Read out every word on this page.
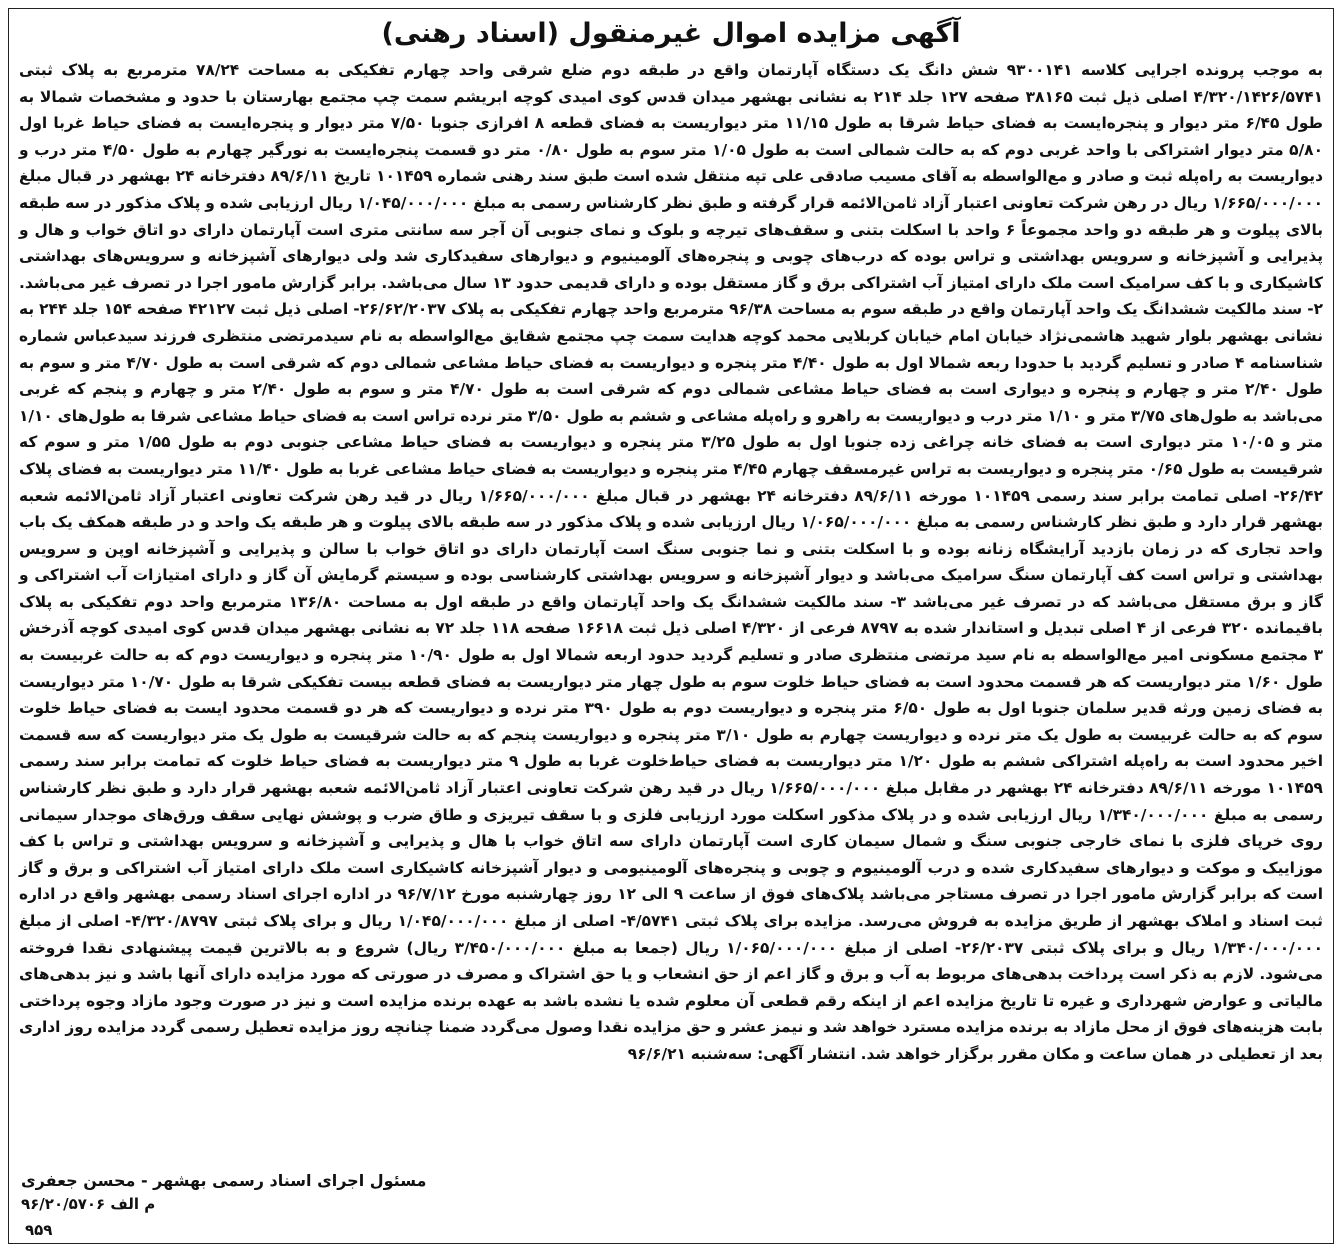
آگهی مزایده اموال غیرمنقول (اسناد رهنی)
به موجب پرونده اجرایی کلاسه ۹۳۰۰۱۴۱ شش دانگ یک دستگاه آپارتمان واقع در طبقه دوم ضلع شرقی واحد چهارم تفکیکی به مساحت ۷۸/۲۴ مترمربع به پلاک ثبتی ۴/۳۲۰/۱۴۲۶/۵۷۴۱ اصلی ذیل ثبت ۳۸۱۶۵ صفحه ۱۲۷ جلد ۲۱۴ به نشانی بهشهر میدان قدس کوی امیدی کوچه ابریشم سمت چپ مجتمع بهارستان با حدود و مشخصات شمالا به طول ۶/۴۵ متر دیوار و پنجره‌ایست به فضای حیاط شرقا به طول ۱۱/۱۵ متر دیواریست به فضای قطعه ۸ افرازی جنوبا ۷/۵۰ متر دیوار و پنجره‌ایست به فضای حیاط غربا اول ۵/۸۰ متر دیوار اشتراکی با واحد غربی دوم که به حالت شمالی است به طول ۱/۰۵ متر سوم به طول ۰/۸۰ متر دو قسمت پنجره‌ایست به نورگیر چهارم به طول ۴/۵۰ متر درب و دیواریست به راه‌پله ثبت و صادر و مع‌الواسطه به آقای مسیب صادقی علی تپه منتقل شده است طبق سند رهنی شماره ۱۰۱۴۵۹ تاریخ ۸۹/۶/۱۱ دفترخانه ۲۴ بهشهر در قبال مبلغ ۱/۶۶۵/۰۰۰/۰۰۰ ریال در رهن شرکت تعاونی اعتبار آزاد ثامن‌الائمه قرار گرفته و طبق نظر کارشناس رسمی به مبلغ ۱/۰۴۵/۰۰۰/۰۰۰ ریال ارزیابی شده و پلاک مذکور در سه طبقه بالای پیلوت و هر طبقه دو واحد مجموعاً ۶ واحد با اسکلت بتنی و سقف‌های تیرچه و بلوک و نمای جنوبی آن آجر سه سانتی متری است آپارتمان دارای دو اتاق خواب و هال و پذیرایی و آشپزخانه و سرویس بهداشتی و تراس بوده که درب‌های چوبی و پنجره‌های آلومینیوم و دیوارهای سفیدکاری شد ولی دیوارهای آشپزخانه و سرویس‌های بهداشتی کاشیکاری و با کف سرامیک است ملک دارای امتیاز آب اشتراکی برق و گاز مستقل بوده و دارای قدیمی حدود ۱۳ سال می‌باشد. برابر گزارش مامور اجرا در تصرف غیر می‌باشد. ۲- سند مالکیت ششدانگ یک واحد آپارتمان واقع در طبقه سوم به مساحت ۹۶/۳۸ مترمربع واحد چهارم تفکیکی به پلاک ۲۶/۶۲/۲۰۳۷- اصلی ذیل ثبت ۴۲۱۲۷ صفحه ۱۵۴ جلد ۲۴۴ به نشانی بهشهر بلوار شهید هاشمی‌نژاد خیابان امام خیابان کربلایی محمد کوچه هدایت سمت چپ مجتمع شقایق مع‌الواسطه به نام سیدمرتضی منتظری فرزند سیدعباس شماره شناسنامه ۴ صادر و تسلیم گردید با حدودا ربعه شمالا اول به طول ۴/۴۰ متر پنجره و دیواریست به فضای حیاط مشاعی شمالی دوم که شرقی است به طول ۴/۷۰ متر و سوم به طول ۲/۴۰ متر و چهارم و پنجره و دیواری است به فضای حیاط مشاعی شمالی دوم که شرقی است به طول ۴/۷۰ متر و سوم به طول ۲/۴۰ متر و چهارم و پنجم که غربی می‌باشد به طول‌های ۳/۷۵ متر و ۱/۱۰ متر درب و دیواریست به راهرو و راه‌پله مشاعی و ششم به طول ۳/۵۰ متر نرده تراس است به فضای حیاط مشاعی شرقا به طول‌های ۱/۱۰ متر و ۱۰/۰۵ متر دیواری است به فضای خانه چراغی زده جنوبا اول به طول ۳/۲۵ متر پنجره و دیواریست به فضای حیاط مشاعی جنوبی دوم به طول ۱/۵۵ متر و سوم که شرقیست به طول ۰/۶۵ متر پنجره و دیواریست به تراس غیرمسقف چهارم ۴/۴۵ متر پنجره و دیواریست به فضای حیاط مشاعی غربا به طول ۱۱/۴۰ متر دیواریست به فضای پلاک ۲۶/۴۲- اصلی تمامت برابر سند رسمی ۱۰۱۴۵۹ مورخه ۸۹/۶/۱۱ دفترخانه ۲۴ بهشهر در قبال مبلغ ۱/۶۶۵/۰۰۰/۰۰۰ ریال در قید رهن شرکت تعاونی اعتبار آزاد ثامن‌الائمه شعبه بهشهر قرار دارد و طبق نظر کارشناس رسمی به مبلغ ۱/۰۶۵/۰۰۰/۰۰۰ ریال ارزیابی شده و پلاک مذکور در سه طبقه بالای پیلوت و هر طبقه یک واحد و در طبقه همکف یک باب واحد تجاری که در زمان بازدید آرایشگاه زنانه بوده و با اسکلت بتنی و نما جنوبی سنگ است آپارتمان دارای دو اتاق خواب با سالن و پذیرایی و آشپزخانه اوپن و سرویس بهداشتی و تراس است کف آپارتمان سنگ سرامیک می‌باشد و دیوار آشپزخانه و سرویس بهداشتی کارشناسی بوده و سیستم گرمایش آن گاز و دارای امتیازات آب اشتراکی و گاز و برق مستقل می‌باشد که در تصرف غیر می‌باشد ۳- سند مالکیت ششدانگ یک واحد آپارتمان واقع در طبقه اول به مساحت ۱۳۶/۸۰ مترمربع واحد دوم تفکیکی به پلاک باقیمانده ۳۲۰ فرعی از ۴ اصلی تبدیل و استاندار شده به ۸۷۹۷ فرعی از ۴/۳۲۰ اصلی ذیل ثبت ۱۶۶۱۸ صفحه ۱۱۸ جلد ۷۲ به نشانی بهشهر میدان قدس کوی امیدی کوچه آذرخش ۳ مجتمع مسکونی امیر مع‌الواسطه به نام سید مرتضی منتظری صادر و تسلیم گردید حدود اربعه شمالا اول به طول ۱۰/۹۰ متر پنجره و دیواریست دوم که به حالت غربیست به طول ۱/۶۰ متر دیواریست که هر قسمت محدود است به فضای حیاط خلوت سوم به طول چهار متر دیواریست به فضای قطعه بیست تفکیکی شرقا به طول ۱۰/۷۰ متر دیواریست به فضای زمین ورثه قدیر سلمان جنوبا اول به طول ۶/۵۰ متر پنجره و دیواریست دوم به طول ۳۹۰ متر نرده و دیواریست که هر دو قسمت محدود ایست به فضای حیاط خلوت سوم که به حالت غربیست به طول یک متر نرده و دیواریست چهارم به طول ۳/۱۰ متر پنجره و دیواریست پنجم که به حالت شرقیست به طول یک متر دیواریست که سه قسمت اخیر محدود است به راه‌پله اشتراکی ششم به طول ۱/۲۰ متر دیواریست به فضای حیاط‌خلوت غربا به طول ۹ متر دیواریست به فضای حیاط خلوت که تمامت برابر سند رسمی ۱۰۱۴۵۹ مورخه ۸۹/۶/۱۱ دفترخانه ۲۴ بهشهر در مقابل مبلغ ۱/۶۶۵/۰۰۰/۰۰۰ ریال در قید رهن شرکت تعاونی اعتبار آزاد ثامن‌الائمه شعبه بهشهر قرار دارد و طبق نظر کارشناس رسمی به مبلغ ۱/۳۴۰/۰۰۰/۰۰۰ ریال ارزیابی شده و در پلاک مذکور اسکلت مورد ارزیابی فلزی و با سقف تیریزی و طاق ضرب و پوشش نهایی سقف ورق‌های موجدار سیمانی روی خرپای فلزی با نمای خارجی جنوبی سنگ و شمال سیمان کاری است آپارتمان دارای سه اتاق خواب با هال و پذیرایی و آشپزخانه و سرویس بهداشتی و تراس با کف موزاییک و موکت و دیوارهای سفیدکاری شده و درب آلومینیوم و چوبی و پنجره‌های آلومینیومی و دیوار آشپزخانه کاشیکاری است ملک دارای امتیاز آب اشتراکی و برق و گاز است که برابر گزارش مامور اجرا در تصرف مستاجر می‌باشد پلاک‌های فوق از ساعت ۹ الی ۱۲ روز چهارشنبه مورخ ۹۶/۷/۱۲ در اداره اجرای اسناد رسمی بهشهر واقع در اداره ثبت اسناد و املاک بهشهر از طریق مزایده به فروش می‌رسد. مزایده برای پلاک ثبتی ۴/۵۷۴۱- اصلی از مبلغ ۱/۰۴۵/۰۰۰/۰۰۰ ریال و برای پلاک ثبتی ۴/۳۲۰/۸۷۹۷- اصلی از مبلغ ۱/۳۴۰/۰۰۰/۰۰۰ ریال و برای پلاک ثبتی ۲۶/۲۰۳۷- اصلی از مبلغ ۱/۰۶۵/۰۰۰/۰۰۰ ریال (جمعا به مبلغ ۳/۴۵۰/۰۰۰/۰۰۰ ریال) شروع و به بالاترین قیمت پیشنهادی نقدا فروخته می‌شود. لازم به ذکر است پرداخت بدهی‌های مربوط به آب و برق و گاز اعم از حق انشعاب و یا حق اشتراک و مصرف در صورتی که مورد مزایده دارای آنها باشد و نیز بدهی‌های مالیاتی و عوارض شهرداری و غیره تا تاریخ مزایده اعم از اینکه رقم قطعی آن معلوم شده یا نشده باشد به عهده برنده مزایده است و نیز در صورت وجود مازاد وجوه پرداختی بابت هزینه‌های فوق از محل مازاد به برنده مزایده مسترد خواهد شد و نیمز عشر و حق مزایده نقدا وصول می‌گردد ضمنا چنانچه روز مزایده تعطیل رسمی گردد مزایده روز اداری بعد از تعطیلی در همان ساعت و مکان مقرر برگزار خواهد شد. انتشار آگهی: سه‌شنبه ۹۶/۶/۲۱
مسئول اجرای اسناد رسمی بهشهر - محسن جعفری
م الف ۹۶/۲۰/۵۷۰۶
۹۵۹
